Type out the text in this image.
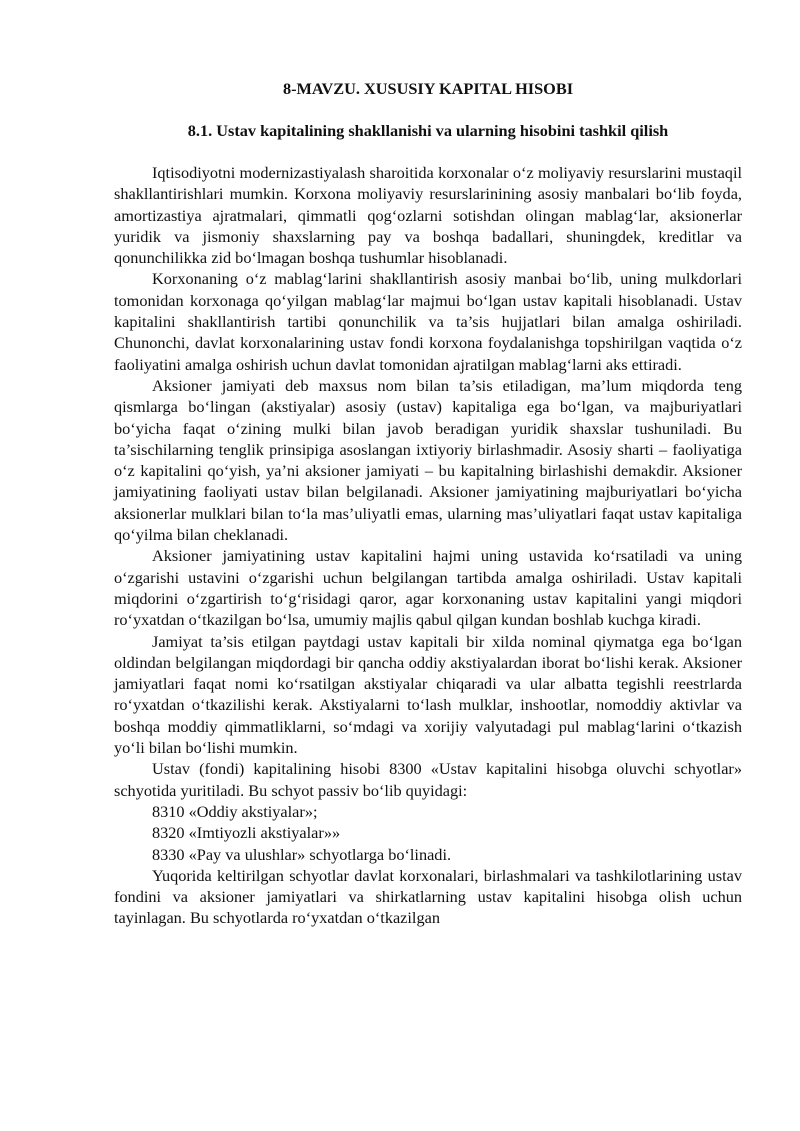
8-MAVZU. XUSUSIY KAPITAL HISOBI
8.1. Ustav kapitalining shakllanishi va ularning hisobini tashkil qilish

Iqtisodiyotni modernizastiyalash sharoitida korxonalar o‘z moliyaviy resurslarini mustaqil shakllantirishlari mumkin. Korxona moliyaviy resurslarinining asosiy manbalari bo‘lib foyda, amortizastiya ajratmalari, qimmatli qog‘ozlarni sotishdan olingan mablag‘lar, aksionerlar yuridik va jismoniy shaxslarning pay va boshqa badallari, shuningdek, kreditlar va qonunchilikka zid bo‘lmagan boshqa tushumlar hisoblanadi.

Korxonaning o‘z mablag‘larini shakllantirish asosiy manbai bo‘lib, uning mulkdorlari tomonidan korxonaga qo‘yilgan mablag‘lar majmui bo‘lgan ustav kapitali hisoblanadi. Ustav kapitalini shakllantirish tartibi qonunchilik va ta’sis hujjatlari bilan amalga oshiriladi. Chunonchi, davlat korxonalarining ustav fondi korxona foydalanishga topshirilgan vaqtida o‘z faoliyatini amalga oshirish uchun davlat tomonidan ajratilgan mablag‘larni aks ettiradi.

Aksioner jamiyati deb maxsus nom bilan ta’sis etiladigan, ma’lum miqdorda teng qismlarga bo‘lingan (akstiyalar) asosiy (ustav) kapitaliga ega bo‘lgan, va majburiyatlari bo‘yicha faqat o‘zining mulki bilan javob beradigan yuridik shaxslar tushuniladi. Bu ta’sischilarning tenglik prinsipiga asoslangan ixtiyoriy birlashmadir. Asosiy sharti – faoliyatiga o‘z kapitalini qo‘yish, ya’ni aksioner jamiyati – bu kapitalning birlashishi demakdir. Aksioner jamiyatining faoliyati ustav bilan belgilanadi. Aksioner jamiyatining majburiyatlari bo‘yicha aksionerlar mulklari bilan to‘la mas’uliyatli emas, ularning mas’uliyatlari faqat ustav kapitaliga qo‘yilma bilan cheklanadi.

Aksioner jamiyatining ustav kapitalini hajmi uning ustavida ko‘rsatiladi va uning o‘zgarishi ustavini o‘zgarishi uchun belgilangan tartibda amalga oshiriladi. Ustav kapitali miqdorini o‘zgartirish to‘g‘risidagi qaror, agar korxonaning ustav kapitalini yangi miqdori ro‘yxatdan o‘tkazilgan bo‘lsa, umumiy majlis qabul qilgan kundan boshlab kuchga kiradi.

Jamiyat ta’sis etilgan paytdagi ustav kapitali bir xilda nominal qiymatga ega bo‘lgan oldindan belgilangan miqdordagi bir qancha oddiy akstiyalardan iborat bo‘lishi kerak. Aksioner jamiyatlari faqat nomi ko‘rsatilgan akstiyalar chiqaradi va ular albatta tegishli reestrlarda ro‘yxatdan o‘tkazilishi kerak. Akstiyalarni to‘lash mulklar, inshootlar, nomoddiy aktivlar va boshqa moddiy qimmatliklarni, so‘mdagi va xorijiy valyutadagi pul mablag‘larini o‘tkazish yo‘li bilan bo‘lishi mumkin.

Ustav (fondi) kapitalining hisobi 8300 «Ustav kapitalini hisobga oluvchi schyotlar» schyotida yuritiladi. Bu schyot passiv bo‘lib quyidagi:

8310 «Oddiy akstiyalar»;

8320 «Imtiyozli akstiyalar»»

8330 «Pay va ulushlar» schyotlarga bo‘linadi.

Yuqorida keltirilgan schyotlar davlat korxonalari, birlashmalari va tashkilotlarining ustav fondini va aksioner jamiyatlari va shirkatlarning ustav kapitalini hisobga olish uchun tayinlagan. Bu schyotlarda ro‘yxatdan o‘tkazilgan
